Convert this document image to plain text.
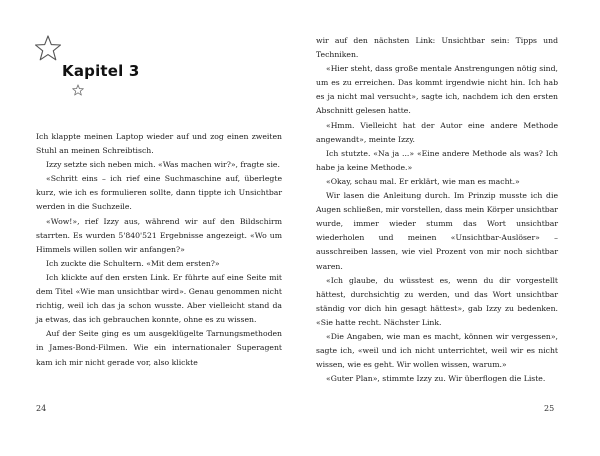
Kapitel 3

Ich klappte meinen Laptop wieder auf und zog einen zweiten Stuhl an meinen Schreibtisch.

Izzy setzte sich neben mich. «Was machen wir?», fragte sie.

«Schritt eins – ich rief eine Suchmaschine auf, überlegte kurz, wie ich es formulieren sollte, dann tippte ich Unsichtbar werden in die Suchzeile.

«Wow!», rief Izzy aus, während wir auf den Bildschirm starrten. Es wurden 5'840'521 Ergebnisse angezeigt. «Wo um Himmels willen sollen wir anfangen?»

Ich zuckte die Schultern. «Mit dem ersten?»

Ich klickte auf den ersten Link. Er führte auf eine Seite mit dem Titel «Wie man unsichtbar wird». Genau genommen nicht richtig, weil ich das ja schon wusste. Aber vielleicht stand da ja etwas, das ich gebrauchen konnte, ohne es zu wissen.

Auf der Seite ging es um ausgeklügelte Tarnungsmethoden in James-Bond-Filmen. Wie ein internationaler Superagent kam ich mir nicht gerade vor, also klickte

24

wir auf den nächsten Link: Unsichtbar sein: Tipps und Techniken.

«Hier steht, dass große mentale Anstrengungen nötig sind, um es zu erreichen. Das kommt irgendwie nicht hin. Ich hab es ja nicht mal versucht», sagte ich, nachdem ich den ersten Abschnitt gelesen hatte.

«Hmm. Vielleicht hat der Autor eine andere Methode angewandt», meinte Izzy.

Ich stutzte. «Na ja ...» «Eine andere Methode als was? Ich habe ja keine Methode.»

«Okay, schau mal. Er erklärt, wie man es macht.»

Wir lasen die Anleitung durch. Im Prinzip musste ich die Augen schließen, mir vorstellen, dass mein Körper unsichtbar wurde, immer wieder stumm das Wort unsichtbar wiederholen und meinen «Unsichtbar-Auslöser» – ausschreiben lassen, wie viel Prozent von mir noch sichtbar waren.

«Ich glaube, du wüsstest es, wenn du dir vorgestellt hättest, durchsichtig zu werden, und das Wort unsichtbar ständig vor dich hin gesagt hättest», gab Izzy zu bedenken. «Sie hatte recht. Nächster Link.

«Die Angaben, wie man es macht, können wir vergessen», sagte ich, «weil und ich nicht unterrichtet, weil wir es nicht wissen, wie es geht. Wir wollen wissen, warum.»

«Guter Plan», stimmte Izzy zu. Wir überflogen die Liste.

25
